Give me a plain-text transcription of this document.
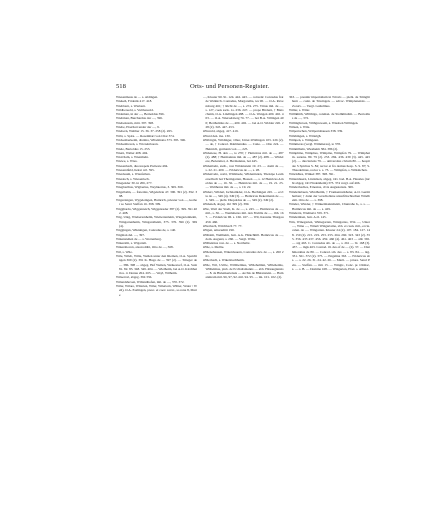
518	Orts- und Personen-Register.

Wiesenmaus de — s. Aldingen.

Wiekeh, Friderik 417. 418.

Wiebbern, s. Wiebern.

Wildbereold, s. Vultbereold.

Wideman, in der —, Bernoldus 396.

Wiebman, Burchardus dar —, 396.

Wiebenstein, mitt. 397. 398.

Wiebe, Eberhart under der —, 9.

Wiebern, Walther 15. 36. 37. 258 (2). 265.

Wibi, s. Spira. — Rosemhart von Char 374.

Wickenberkeim, distinta, Wibelmatta 373. 395. 396.

Wickenhoven, s. Wiczeinboren.

Wiele, Bertoldus 15. 253.

Wiern, Walter 408. 404.

Wicrrhaln, s. Wiernheln.

Wiewe, s. Wies.

Wiesenbach, diocesspele Prebeste 494.

Wiesendfeld, heiret 4.0. 595.

Wiesbaum, s. Wiesfeiben.

Wiesloch, s. Wiesenloch.

Wiegender 30. in 206, 277.

Wiegberthus, Wigbertus, Weybkertus, 3. 369. 369.

Wigelbahn, — fraternis, Wigelebrie 47. 390. 391 (2). 392. 398.

Wigersingen, Wygeleingen, Hainrich, priester von —, korber so Sanct Steffan 16. 398. 399.

Wiggharda, Wiggenreich, Wiggenreder 387 (2). 399. 391 402. 408.

Wig, Unig, Wiebertenhelm, Wiebertenleim, Wiegartenheim, Wingartenheim, Wingarstheim, 375. 376. 396 (2). 369 (4).

Wiggingen, Wikningen, Conradus de, s. 140.

Wigman del. —, 397.

Wikenstehen de — s. Wortenberg.

Wikersthi, s. Wigarteli.

Wikershoven, anscrodditi, Otto de —, 368.

Wil, s. Wile.

Wile, Wileb, Wilie, Weilen unter den Riemen, O.A. Spaichingen 369 (2). 391 K. Hugo de — 397 (2). — Triteger de — 386. 398 — abgeg. Hof Weilen, Weikestorf, O.A. Sulz 81. 82. 83. 348. 349. 404. — Wielheim, bei A.O. Kirchheim u. d. Donau 264. 265. — Weyl, Wilheim.

Wilaervel, abgeg. 394 336.

Wilandshoven, Willandhofen, mil. de —, 370. 372.

Wilar, Wilare, Wilarten, Wiler, Wilertom, Wilher, Waler / Weil), O.A. Esslingen, presc. et coev. savar., so rone 8, Marte

—, Kloster 90. 91. 124. 442. 443. — convent: Conradus frat de Walkirch. Conradus, Margaretha, tes 90. — O.A. Ravensburg 461; † Richt de —, s. 274. 275. Vitrus mil. de —, s. 127, cook sack. 1a. 236. 247. — prope Birdern, † Bietschaim, O.A. Lindlingen 488. — O.A. Wangen 400. 402. 403. — O.A. Wierselsberg 76. 77. — bei B.A. Villingen 400; Berthalidus de —, 400. 402. — bei A.O. Widder 226. 228 (2). 345. 447. 453.

Wilaveld, abgeg. 417. 419.

Wilard den. ina. 130.

Wiltbirgin, Wildinger, Obur, Unter-Wildingen 103. 226 (2). — de, † Conrad. Ddelmandus. — Cuno. — Otto 224. — Heinrich, germann von —, 225.

Wildenese, H. den —, to 270; † Heinricus mil. de —, 487 (2). 488; † Hermannus mil. de —, 487 (2). 488. — Wildelere, Boleruiter, d. Hermannus, bei 445.

Wildenbeln, stetb., von Wildenstein 19. 23. — domi de —, s. 22. 21. 400. — Fridericus de —, s. 28.

Wildenveln, cesbi, Wildmede, Wildeninden, Theisipe Lesmerselbsch bei Theringarten, Hossen —, s. 12 Henricus Arnoldus de —, 16. 36. — Heinricus mil. de —, 19. 21. 25. — Waltherus mil. de —, s. 19. 22.

Wildert, Wildert, Ischnamider, O.A. Hechingen 245. — ecclia de —, 349 (4). 349 (3). — Heinricus Dekermann de —, 1. 349. — plebi. Diopoldus de —, 349 (2). 349 (2).

Wildeneh, abgeg. Ort 399 (2). 399.

Wile, Weil der Stadt, K. de —, s. 245. — Haimricus de —, mil., s. 36. — Wenlaherus mil. den Fruhlle de —, 166. 167. — Fridericus III. s. 166. 167. — Wil, Kastanu Thurgau 459. 460.

Wilerbach, Wilchbach 77. 77.

Wilgen, amoruditit 190.

Wilhalm, Weilheim, bair. A.G. Hirkchhill. Heinricus de —, dom. Augusti, s. 260. — Vergl. Wille.

Willheirnus von. de — s. Northaltz.

Wilie, s. Mollie.

Willenehausen, Wikenbauern, Conradus dev. de —, s. 260 261.

Willerbach, s. Wikenbachheim.

Wille, Wil, Uville, Willibelmus, Willehalmin, Willeheims, Wilhelmus, plab. de Ecchaltsmanns — abb. Hirsaugiensis — 8. de Hulenkertensis — Archis de Bhtrenstein. — Hamanniram mil. 96, 97, 92. mil. 94. 95. — mi. 101. 102. (2).

363. — presinir imperialium in Trivels — plebi. de Trünglithern — conn. de Tuwingen. — advoc. Wimplenensis. — Zorotv. — Vergl. Guilelmus.

Willer, s. Wilar.

Willlkhith, Willihiga, conman. de Stollkhiolim. — Bertoldus de —, 372.

Willinghoven, Vilihgnowem, a. Wiesben Willingen.

Wilsen, s. Wile.

Wilpertschen, Wälpertshausen 338. 339.

Wilshingen, s. Wittelgh.

Wimpen, s. Wimgeun.

Wimmeras (vergl. Wimmerau), te 378.

Wimmlheln, Wiesheim 384. 386 (2).

Wimphina, Wimphes, Wimpina, Wimpfen 79. — Wimpheim. sotiens. 80. 79 (2). 253. 284. 436. 439 (3). 445. 445 (2). — dioclertens 79. — universitas civium 80. — hospitale S Spiritus S. 84; rector et fra domus hosp. S. S. 87; S. Theodolinus, rector s. s. 73. — Wimpfen, s. Wilkinchen.

Winckhles, Winkel 387. 398. 391.

Wintenbuern, Lindalzen, abgeg. Ort. bad. B.A. Hausles (nicht abgeg. Ort Findenheim) 373. 374 vergl. auf 466.

Winderbaches, Ernestus, civis Augustensis. 369.

Windeliebuen, Windhatim, † Frankenrudshaler, A.O. Germiheiben; † dann der verschollene unterfrüschischen Windbeim. Otto de —. s. 398.

Winder, Winder, † Winkelmannsheim, Chunraho h., s. s. — Haimricus mil. de —. s. 429.

Windertz, Wiehtertz 359. 371.

Windeinben, bair. A.O. 145.

Win, Winegarten, Wimegarten, Winigartes, Win —, Unter —, Wine —, Wineb Wingartaina, sbb. et caan. mil., eccia. calen. de —. Wingarten. Kloster 24 (2). 107. 184. 127. 148. 150 (2). 215. 219. 253. 255. 264. 260. 323. 343 (2). 355. 356. 433 437. 456. 459. 460 (4). 461. 463 — abb 365. — sig 463. C. Conradus sib. de —, s. 261 — bl. 168 (3). 437. — mgk 463. Conrad. ill. des of de — (2). 37. — Diethmorahus de 80. — Conrad. sib. des — s. 83. 84. — nig. 331. 361. 372 (2). 375. — Engelina 363. — Fridericus abs. — s. 22. 26. 31. 24. 42. 26. — Marti. — priore. Sanct Pela. — Steffan. — mil. 15. — Wingtr., Conc. pr. Ottmac, s. — s. B. — Domina 168. — Wingarten, Ebel. s. Alhaid.
